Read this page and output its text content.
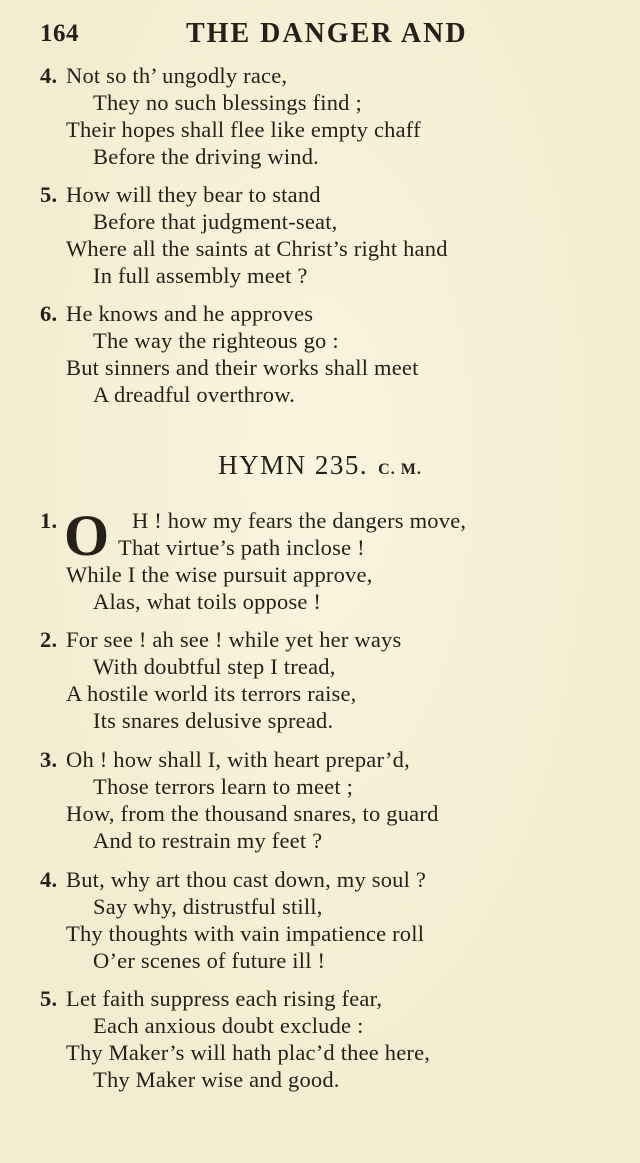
164	THE DANGER AND
4. Not so th’ ungodly race,
They no such blessings find ;
Their hopes shall flee like empty chaff
Before the driving wind.
5. How will they bear to stand
Before that judgment-seat,
Where all the saints at Christ’s right hand
In full assembly meet ?
6. He knows and he approves
The way the righteous go :
But sinners and their works shall meet
A dreadful overthrow.
HYMN 235. C. M.
O
1.	H ! how my fears the dangers move,
That virtue’s path inclose !
While I the wise pursuit approve,
Alas, what toils oppose !
2. For see ! ah see ! while yet her ways
With doubtful step I tread,
A hostile world its terrors raise,
Its snares delusive spread.
3. Oh ! how shall I, with heart prepar’d,
Those terrors learn to meet ;
How, from the thousand snares, to guard
And to restrain my feet ?
4. But, why art thou cast down, my soul ?
Say why, distrustful still,
Thy thoughts with vain impatience roll
O’er scenes of future ill !
5. Let faith suppress each rising fear,
Each anxious doubt exclude :
Thy Maker’s will hath plac’d thee here,
Thy Maker wise and good.
